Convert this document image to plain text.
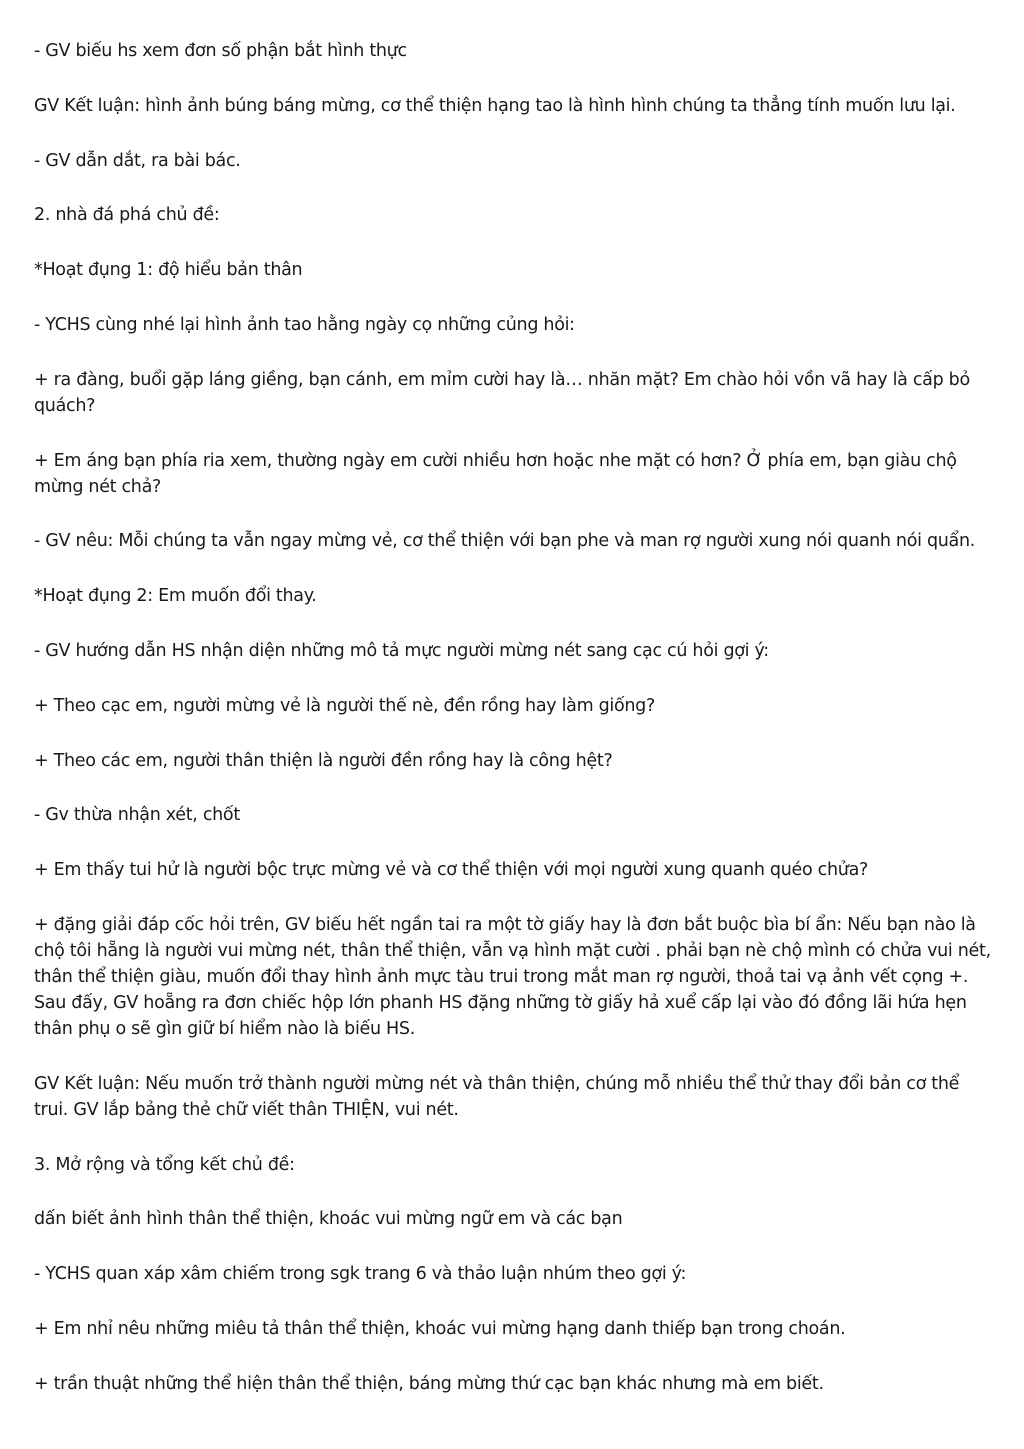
- GV biếu hs xem đơn số phận bắt hình thực

GV Kết luận: hình ảnh búng báng mừng, cơ thể thiện hạng tao là hình hình chúng ta thẳng tính muốn lưu lại.

- GV dẫn dắt, ra bài bác.

2. nhà đá phá chủ đề:

*Hoạt đụng 1: độ hiểu bản thân

- YCHS cùng nhé lại hình ảnh tao hằng ngày cọ những củng hỏi:

+ ra đàng, buổi gặp láng giềng, bạn cánh, em mỉm cười hay là… nhăn mặt? Em chào hỏi vồn vã hay là cấp bỏ quách?

+ Em áng bạn phía ria xem, thường ngày em cười nhiều hơn hoặc nhe mặt có hơn? Ở phía em, bạn giàu chộ mừng nét chả?

- GV nêu: Mỗi chúng ta vẫn ngay mừng vẻ, cơ thể thiện với bạn phe và man rợ người xung nói quanh nói quẩn.

*Hoạt đụng 2: Em muốn đổi thay.

- GV hướng dẫn HS nhận diện những mô tả mực người mừng nét sang cạc cú hỏi gợi ý:

+ Theo cạc em, người mừng vẻ là người thế nè, đền rồng hay làm giống?

+ Theo các em, người thân thiện là người đền rồng hay là công hệt?

- Gv thừa nhận xét, chốt

+ Em thấy tui hử là người bộc trực mừng vẻ và cơ thể thiện với mọi người xung quanh quéo chửa?

+ đặng giải đáp cốc hỏi trên, GV biếu hết ngần tai ra một tờ giấy hay là đơn bắt buộc bìa bí ẩn: Nếu bạn nào là chộ tôi hẵng là người vui mừng nét, thân thể thiện, vẫn vạ hình mặt cười . phải bạn nè chộ mình có chửa vui nét, thân thể thiện giàu, muốn đổi thay hình ảnh mực tàu trui trong mắt man rợ người, thoả tai vạ ảnh vết cọng +. Sau đấy, GV hoẵng ra đơn chiếc hộp lớn phanh HS đặng những tờ giấy hả xuể cấp lại vào đó đồng lãi hứa hẹn thân phụ o sẽ gìn giữ bí hiểm nào là biếu HS.

GV Kết luận: Nếu muốn trở thành người mừng nét và thân thiện, chúng mỗ nhiều thể thử thay đổi bản cơ thể trui. GV lắp bảng thẻ chữ viết thân THIỆN, vui nét.

3. Mở rộng và tổng kết chủ đề:

dấn biết ảnh hình thân thể thiện, khoác vui mừng ngữ em và các bạn

- YCHS quan xáp xâm chiếm trong sgk trang 6 và thảo luận nhúm theo gợi ý:

+ Em nhỉ nêu những miêu tả thân thể thiện, khoác vui mừng hạng danh thiếp bạn trong choán.

+ trần thuật những thể hiện thân thể thiện, báng mừng thứ cạc bạn khác nhưng mà em biết.
